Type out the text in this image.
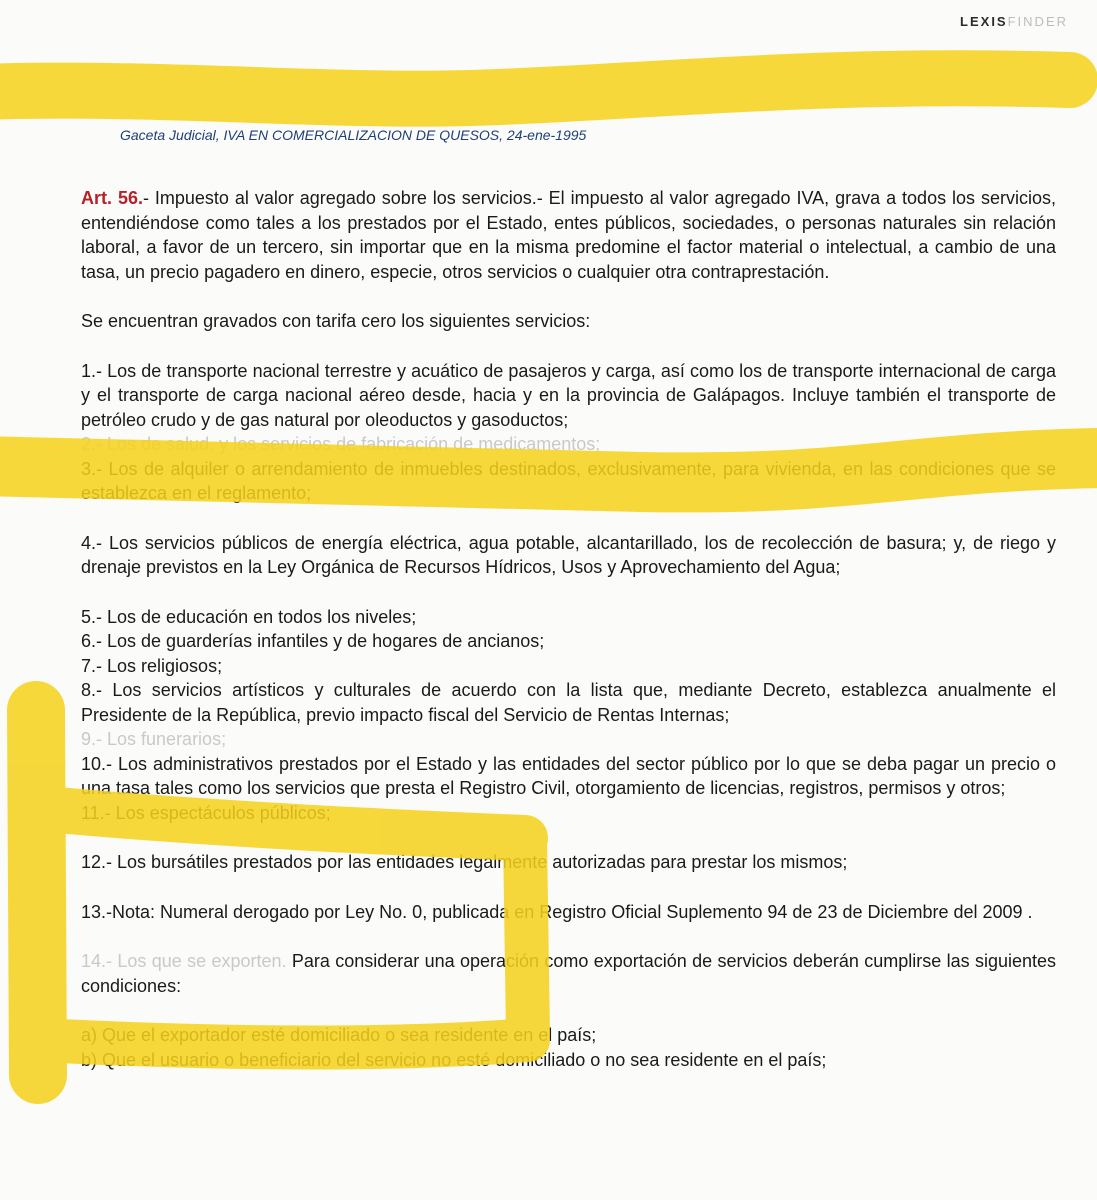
LEXISFINDER
Gaceta Judicial, IVA EN COMERCIALIZACION DE QUESOS, 24-ene-1995

Art. 56.- Impuesto al valor agregado sobre los servicios.- El impuesto al valor agregado IVA, grava a todos los servicios, entendiéndose como tales a los prestados por el Estado, entes públicos, sociedades, o personas naturales sin relación laboral, a favor de un tercero, sin importar que en la misma predomine el factor material o intelectual, a cambio de una tasa, un precio pagadero en dinero, especie, otros servicios o cualquier otra contraprestación.

Se encuentran gravados con tarifa cero los siguientes servicios:

1.- Los de transporte nacional terrestre y acuático de pasajeros y carga, así como los de transporte internacional de carga y el transporte de carga nacional aéreo desde, hacia y en la provincia de Galápagos. Incluye también el transporte de petróleo crudo y de gas natural por oleoductos y gasoductos;

2.- Los de salud, y los servicios de fabricación de medicamentos;

3.- Los de alquiler o arrendamiento de inmuebles destinados, exclusivamente, para vivienda, en las condiciones que se establezca en el reglamento;

4.- Los servicios públicos de energía eléctrica, agua potable, alcantarillado, los de recolección de basura; y, de riego y drenaje previstos en la Ley Orgánica de Recursos Hídricos, Usos y Aprovechamiento del Agua;

5.- Los de educación en todos los niveles;

6.- Los de guarderías infantiles y de hogares de ancianos;

7.- Los religiosos;

8.- Los servicios artísticos y culturales de acuerdo con la lista que, mediante Decreto, establezca anualmente el Presidente de la República, previo impacto fiscal del Servicio de Rentas Internas;

9.- Los funerarios;

10.- Los administrativos prestados por el Estado y las entidades del sector público por lo que se deba pagar un precio o una tasa tales como los servicios que presta el Registro Civil, otorgamiento de licencias, registros, permisos y otros;

11.- Los espectáculos públicos;

12.- Los bursátiles prestados por las entidades legalmente autorizadas para prestar los mismos;

13.-Nota: Numeral derogado por Ley No. 0, publicada en Registro Oficial Suplemento 94 de 23 de Diciembre del 2009 .

14.- Los que se exporten. Para considerar una operación como exportación de servicios deberán cumplirse las siguientes condiciones:

a) Que el exportador esté domiciliado o sea residente en el país;

b) Que el usuario o beneficiario del servicio no esté domiciliado o no sea residente en el país;
